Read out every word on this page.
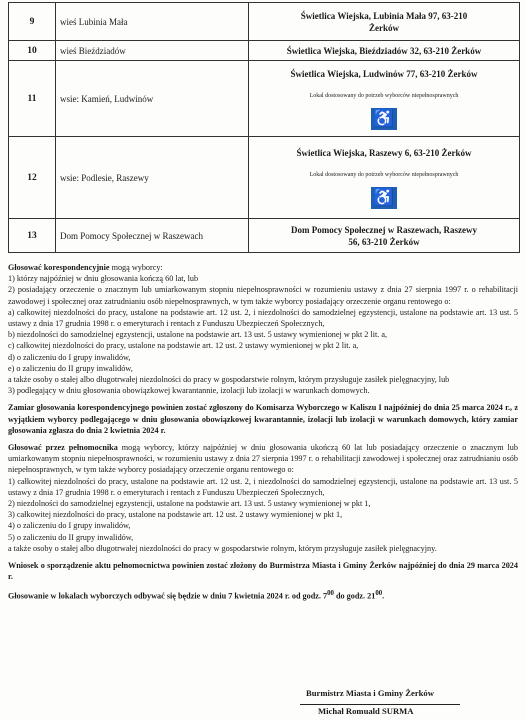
9	wieś Lubinia Mała	Świetlica Wiejska, Lubinia Mała 97, 63-210
Żerków

10	wieś Bieździadów	Świetlica Wiejska, Bieździadów 32, 63-210 Żerków
11	wsie: Kamień, Ludwinów	Świetlica Wiejska, Ludwinów 77, 63-210 Żerków
Lokal dostosowany do potrzeb wyborców niepełnosprawnych
♿
12	wsie: Podlesie, Raszewy	Świetlica Wiejska, Raszewy 6, 63-210 Żerków
Lokal dostosowany do potrzeb wyborców niepełnosprawnych
♿
13	Dom Pomocy Społecznej w Raszewach	Dom Pomocy Społecznej w Raszewach, Raszewy
56, 63-210 Żerków

Głosować korespondencyjnie mogą wyborcy:

1) którzy najpóźniej w dniu głosowania kończą 60 lat, lub

2) posiadający orzeczenie o znacznym lub umiarkowanym stopniu niepełnosprawności w rozumieniu ustawy z dnia 27 sierpnia 1997 r. o rehabilitacji zawodowej i społecznej oraz zatrudnianiu osób niepełnosprawnych, w tym także wyborcy posiadający orzeczenie organu rentowego o:

a) całkowitej niezdolności do pracy, ustalone na podstawie art. 12 ust. 2, i niezdolności do samodzielnej egzystencji, ustalone na podstawie art. 13 ust. 5 ustawy z dnia 17 grudnia 1998 r. o emeryturach i rentach z Funduszu Ubezpieczeń Społecznych,

b) niezdolności do samodzielnej egzystencji, ustalone na podstawie art. 13 ust. 5 ustawy wymienionej w pkt 2 lit. a,

c) całkowitej niezdolności do pracy, ustalone na podstawie art. 12 ust. 2 ustawy wymienionej w pkt 2 lit. a,

d) o zaliczeniu do I grupy inwalidów,

e) o zaliczeniu do II grupy inwalidów,

a także osoby o stałej albo długotrwałej niezdolności do pracy w gospodarstwie rolnym, którym przysługuje zasiłek pielęgnacyjny, lub

3) podlegający w dniu głosowania obowiązkowej kwarantannie, izolacji lub izolacji w warunkach domowych.

Zamiar głosowania korespondencyjnego powinien zostać zgłoszony do Komisarza Wyborczego w Kaliszu I najpóźniej do dnia 25 marca 2024 r., z wyjątkiem wyborcy podlegającego w dniu głosowania obowiązkowej kwarantannie, izolacji lub izolacji w warunkach domowych, który zamiar głosowania zgłasza do dnia 2 kwietnia 2024 r.

Głosować przez pełnomocnika mogą wyborcy, którzy najpóźniej w dniu głosowania ukończą 60 lat lub posiadający orzeczenie o znacznym lub umiarkowanym stopniu niepełnosprawności, w rozumieniu ustawy z dnia 27 sierpnia 1997 r. o rehabilitacji zawodowej i społecznej oraz zatrudnianiu osób niepełnosprawnych, w tym także wyborcy posiadający orzeczenie organu rentowego o:

1) całkowitej niezdolności do pracy, ustalone na podstawie art. 12 ust. 2, i niezdolności do samodzielnej egzystencji, ustalone na podstawie art. 13 ust. 5 ustawy z dnia 17 grudnia 1998 r. o emeryturach i rentach z Funduszu Ubezpieczeń Społecznych,

2) niezdolności do samodzielnej egzystencji, ustalone na podstawie art. 13 ust. 5 ustawy wymienionej w pkt 1,

3) całkowitej niezdolności do pracy, ustalone na podstawie art. 12 ust. 2 ustawy wymienionej w pkt 1,

4) o zaliczeniu do I grupy inwalidów,

5) o zaliczeniu do II grupy inwalidów,

a także osoby o stałej albo długotrwałej niezdolności do pracy w gospodarstwie rolnym, którym przysługuje zasiłek pielęgnacyjny.

Wniosek o sporządzenie aktu pełnomocnictwa powinien zostać złożony do Burmistrza Miasta i Gminy Żerków najpóźniej do dnia 29 marca 2024 r.

Głosowanie w lokalach wyborczych odbywać się będzie w dniu 7 kwietnia 2024 r. od godz. $7^{00}$ do godz. $21^{00}$.

Burmistrz Miasta i Gminy Żerków
Michał Romuald SURMA
